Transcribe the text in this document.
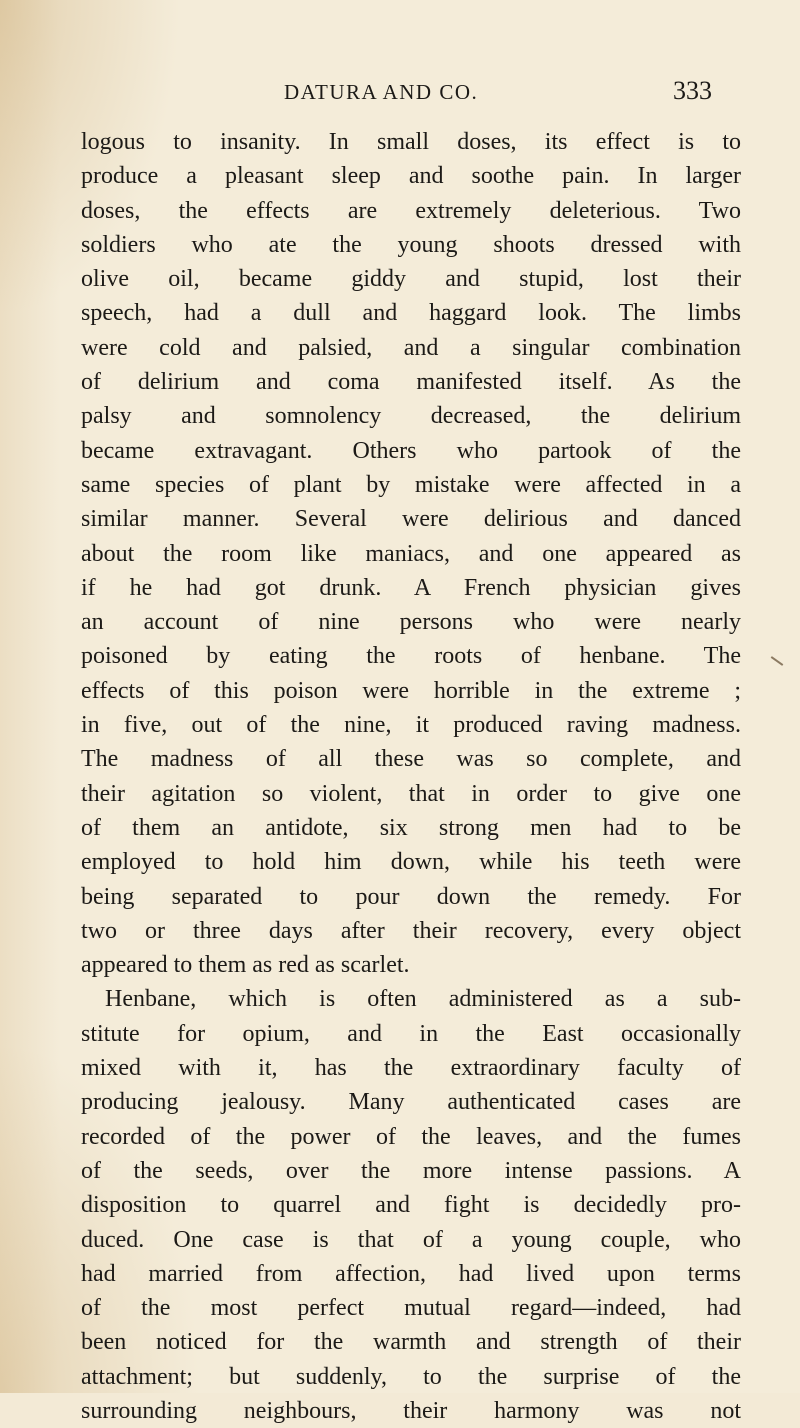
DATURA AND CO.	333
logous to insanity. In small doses, its effect is to
produce a pleasant sleep and soothe pain. In larger
doses, the effects are extremely deleterious. Two
soldiers who ate the young shoots dressed with
olive oil, became giddy and stupid, lost their
speech, had a dull and haggard look. The limbs
were cold and palsied, and a singular combination
of delirium and coma manifested itself. As the
palsy and somnolency decreased, the delirium
became extravagant. Others who partook of the
same species of plant by mistake were affected in a
similar manner. Several were delirious and danced
about the room like maniacs, and one appeared as
if he had got drunk. A French physician gives
an account of nine persons who were nearly
poisoned by eating the roots of henbane. The
effects of this poison were horrible in the extreme ;
in five, out of the nine, it produced raving madness.
The madness of all these was so complete, and
their agitation so violent, that in order to give one
of them an antidote, six strong men had to be
employed to hold him down, while his teeth were
being separated to pour down the remedy. For
two or three days after their recovery, every object
appeared to them as red as scarlet.
Henbane, which is often administered as a sub-
stitute for opium, and in the East occasionally
mixed with it, has the extraordinary faculty of
producing jealousy. Many authenticated cases are
recorded of the power of the leaves, and the fumes
of the seeds, over the more intense passions. A
disposition to quarrel and fight is decidedly pro-
duced. One case is that of a young couple, who
had married from affection, had lived upon terms
of the most perfect mutual regard—indeed, had
been noticed for the warmth and strength of their
attachment; but suddenly, to the surprise of the
surrounding neighbours, their harmony was not
